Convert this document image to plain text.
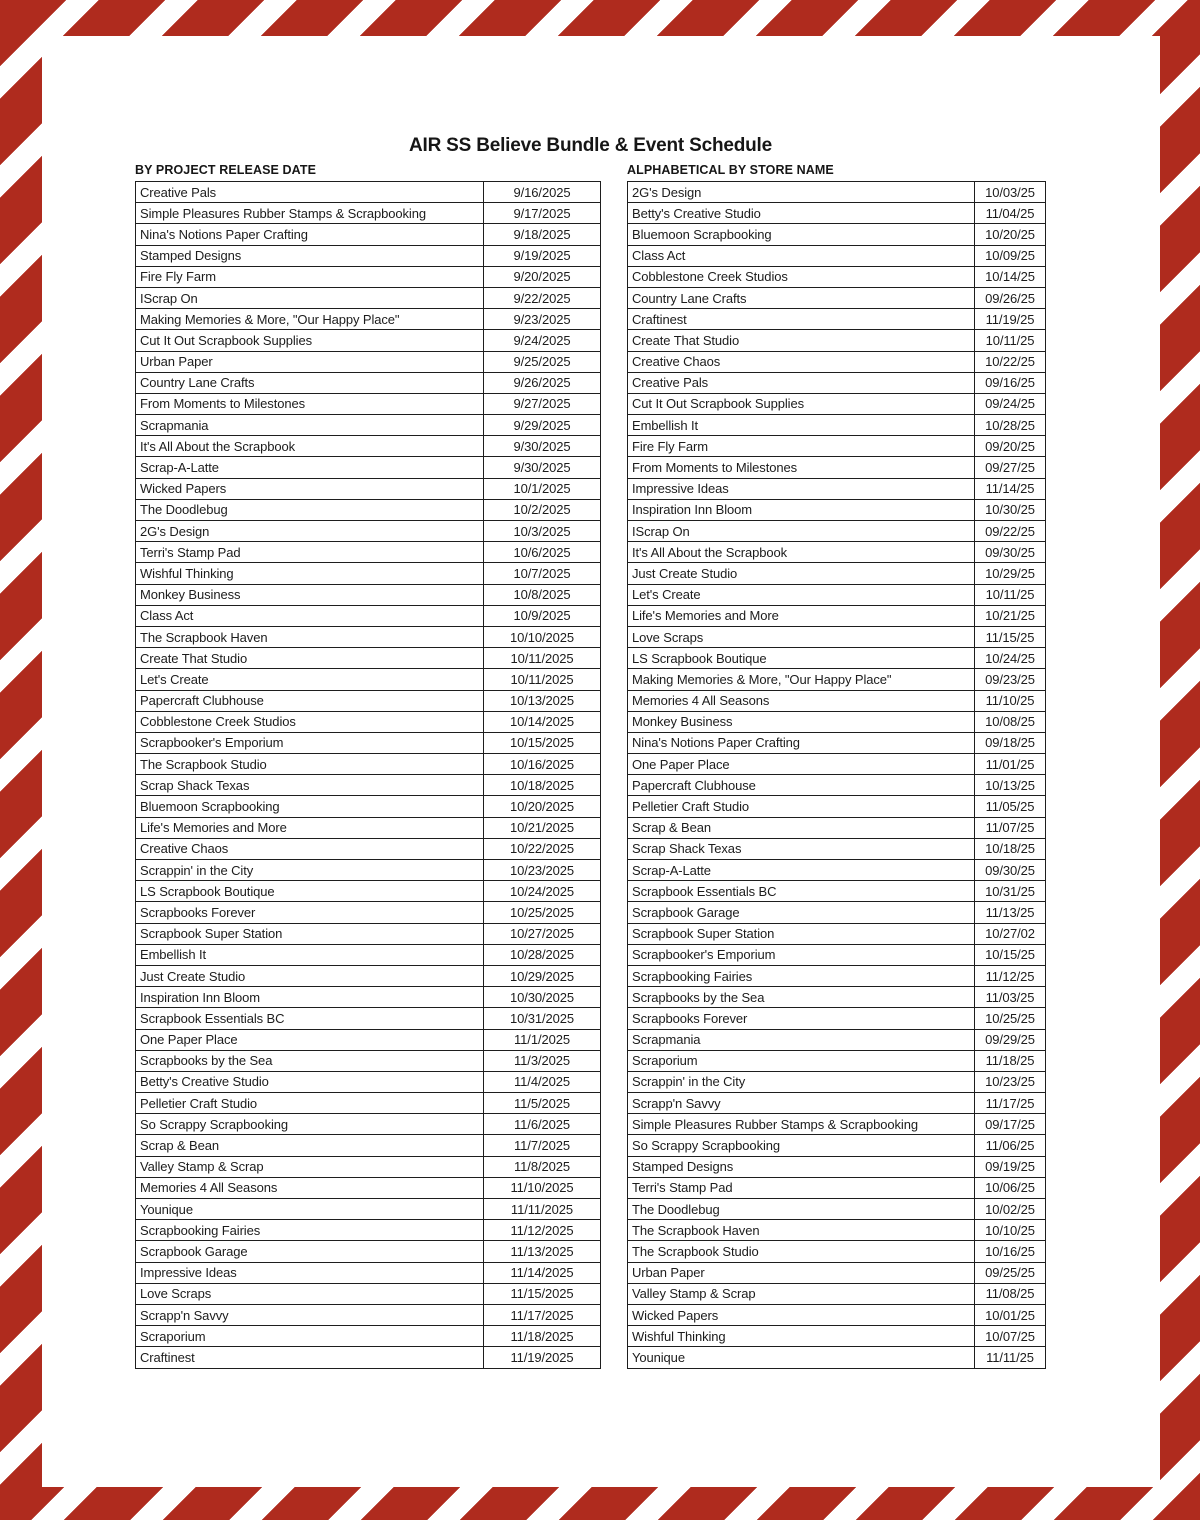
AIR SS Believe Bundle & Event Schedule
BY PROJECT RELEASE DATE
Creative Pals	9/16/2025
Simple Pleasures Rubber Stamps & Scrapbooking	9/17/2025
Nina's Notions Paper Crafting	9/18/2025
Stamped Designs	9/19/2025
Fire Fly Farm	9/20/2025
IScrap On	9/22/2025
Making Memories & More, "Our Happy Place"	9/23/2025
Cut It Out Scrapbook Supplies	9/24/2025
Urban Paper	9/25/2025
Country Lane Crafts	9/26/2025
From Moments to Milestones	9/27/2025
Scrapmania	9/29/2025
It's All About the Scrapbook	9/30/2025
Scrap-A-Latte	9/30/2025
Wicked Papers	10/1/2025
The Doodlebug	10/2/2025
2G's Design	10/3/2025
Terri's Stamp Pad	10/6/2025
Wishful Thinking	10/7/2025
Monkey Business	10/8/2025
Class Act	10/9/2025
The Scrapbook Haven	10/10/2025
Create That Studio	10/11/2025
Let's Create	10/11/2025
Papercraft Clubhouse	10/13/2025
Cobblestone Creek Studios	10/14/2025
Scrapbooker's Emporium	10/15/2025
The Scrapbook Studio	10/16/2025
Scrap Shack Texas	10/18/2025
Bluemoon Scrapbooking	10/20/2025
Life's Memories and More	10/21/2025
Creative Chaos	10/22/2025
Scrappin' in the City	10/23/2025
LS Scrapbook Boutique	10/24/2025
Scrapbooks Forever	10/25/2025
Scrapbook Super Station	10/27/2025
Embellish It	10/28/2025
Just Create Studio	10/29/2025
Inspiration Inn Bloom	10/30/2025
Scrapbook Essentials BC	10/31/2025
One Paper Place	11/1/2025
Scrapbooks by the Sea	11/3/2025
Betty's Creative Studio	11/4/2025
Pelletier Craft Studio	11/5/2025
So Scrappy Scrapbooking	11/6/2025
Scrap & Bean	11/7/2025
Valley Stamp & Scrap	11/8/2025
Memories 4 All Seasons	11/10/2025
Younique	11/11/2025
Scrapbooking Fairies	11/12/2025
Scrapbook Garage	11/13/2025
Impressive Ideas	11/14/2025
Love Scraps	11/15/2025
Scrapp'n Savvy	11/17/2025
Scraporium	11/18/2025
Craftinest	11/19/2025
ALPHABETICAL BY STORE NAME
2G's Design	10/03/25
Betty's Creative Studio	11/04/25
Bluemoon Scrapbooking	10/20/25
Class Act	10/09/25
Cobblestone Creek Studios	10/14/25
Country Lane Crafts	09/26/25
Craftinest	11/19/25
Create That Studio	10/11/25
Creative Chaos	10/22/25
Creative Pals	09/16/25
Cut It Out Scrapbook Supplies	09/24/25
Embellish It	10/28/25
Fire Fly Farm	09/20/25
From Moments to Milestones	09/27/25
Impressive Ideas	11/14/25
Inspiration Inn Bloom	10/30/25
IScrap On	09/22/25
It's All About the Scrapbook	09/30/25
Just Create Studio	10/29/25
Let's Create	10/11/25
Life's Memories and More	10/21/25
Love Scraps	11/15/25
LS Scrapbook Boutique	10/24/25
Making Memories & More, "Our Happy Place"	09/23/25
Memories 4 All Seasons	11/10/25
Monkey Business	10/08/25
Nina's Notions Paper Crafting	09/18/25
One Paper Place	11/01/25
Papercraft Clubhouse	10/13/25
Pelletier Craft Studio	11/05/25
Scrap & Bean	11/07/25
Scrap Shack Texas	10/18/25
Scrap-A-Latte	09/30/25
Scrapbook Essentials BC	10/31/25
Scrapbook Garage	11/13/25
Scrapbook Super Station	10/27/02
Scrapbooker's Emporium	10/15/25
Scrapbooking Fairies	11/12/25
Scrapbooks by the Sea	11/03/25
Scrapbooks Forever	10/25/25
Scrapmania	09/29/25
Scraporium	11/18/25
Scrappin' in the City	10/23/25
Scrapp'n Savvy	11/17/25
Simple Pleasures Rubber Stamps & Scrapbooking	09/17/25
So Scrappy Scrapbooking	11/06/25
Stamped Designs	09/19/25
Terri's Stamp Pad	10/06/25
The Doodlebug	10/02/25
The Scrapbook Haven	10/10/25
The Scrapbook Studio	10/16/25
Urban Paper	09/25/25
Valley Stamp & Scrap	11/08/25
Wicked Papers	10/01/25
Wishful Thinking	10/07/25
Younique	11/11/25
